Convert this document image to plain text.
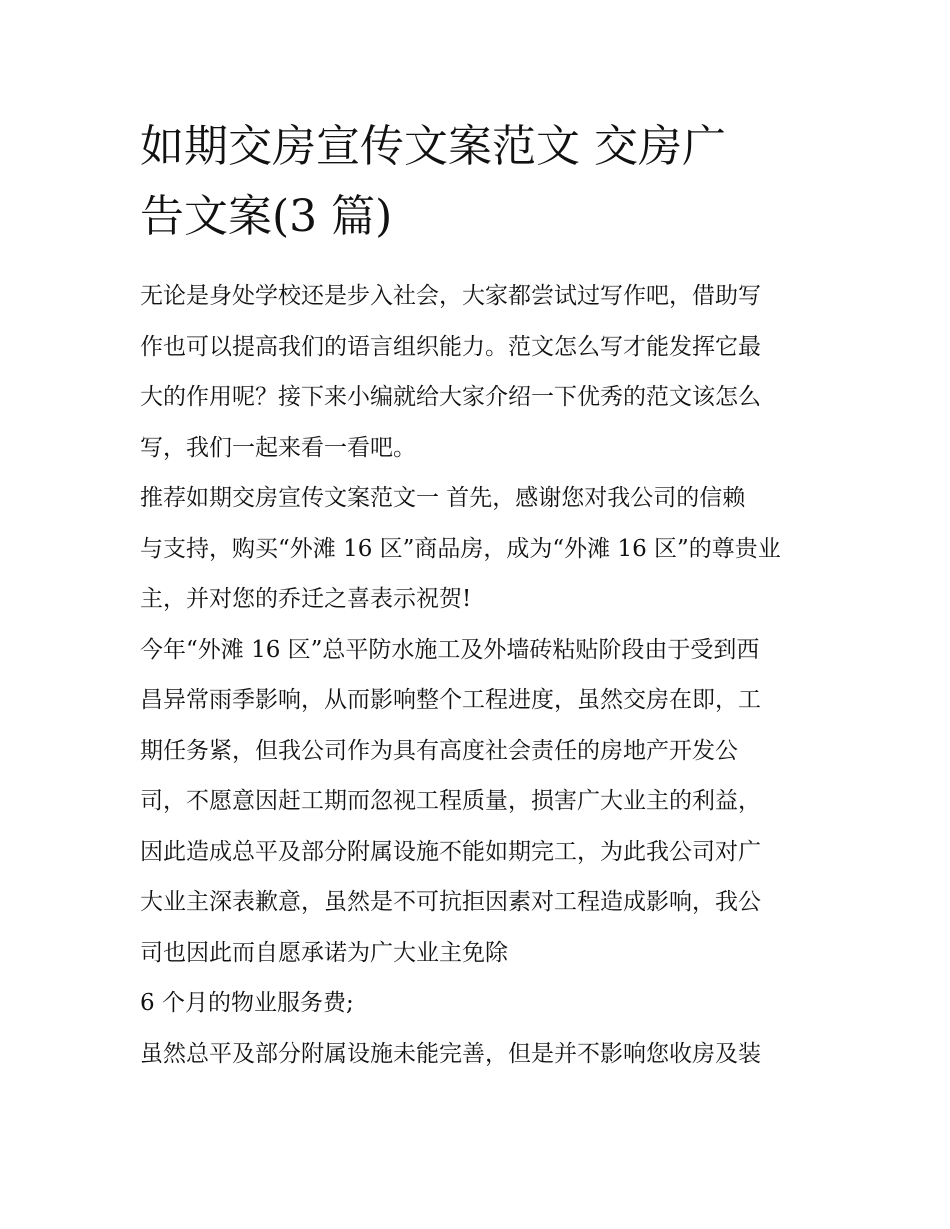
如期交房宣传文案范文 交房广
告文案(3 篇)

无论是身处学校还是步入社会，大家都尝试过写作吧，借助写
作也可以提高我们的语言组织能力。范文怎么写才能发挥它最
大的作用呢？接下来小编就给大家介绍一下优秀的范文该怎么
写，我们一起来看一看吧。

推荐如期交房宣传文案范文一 首先，感谢您对我公司的信赖
与支持，购买“外滩 16 区”商品房，成为“外滩 16 区”的尊贵业
主，并对您的乔迁之喜表示祝贺!

今年“外滩 16 区”总平防水施工及外墙砖粘贴阶段由于受到西
昌异常雨季影响，从而影响整个工程进度，虽然交房在即，工
期任务紧，但我公司作为具有高度社会责任的房地产开发公
司，不愿意因赶工期而忽视工程质量，损害广大业主的利益，
因此造成总平及部分附属设施不能如期完工，为此我公司对广
大业主深表歉意，虽然是不可抗拒因素对工程造成影响，我公
司也因此而自愿承诺为广大业主免除

6 个月的物业服务费;

虽然总平及部分附属设施未能完善，但是并不影响您收房及装
